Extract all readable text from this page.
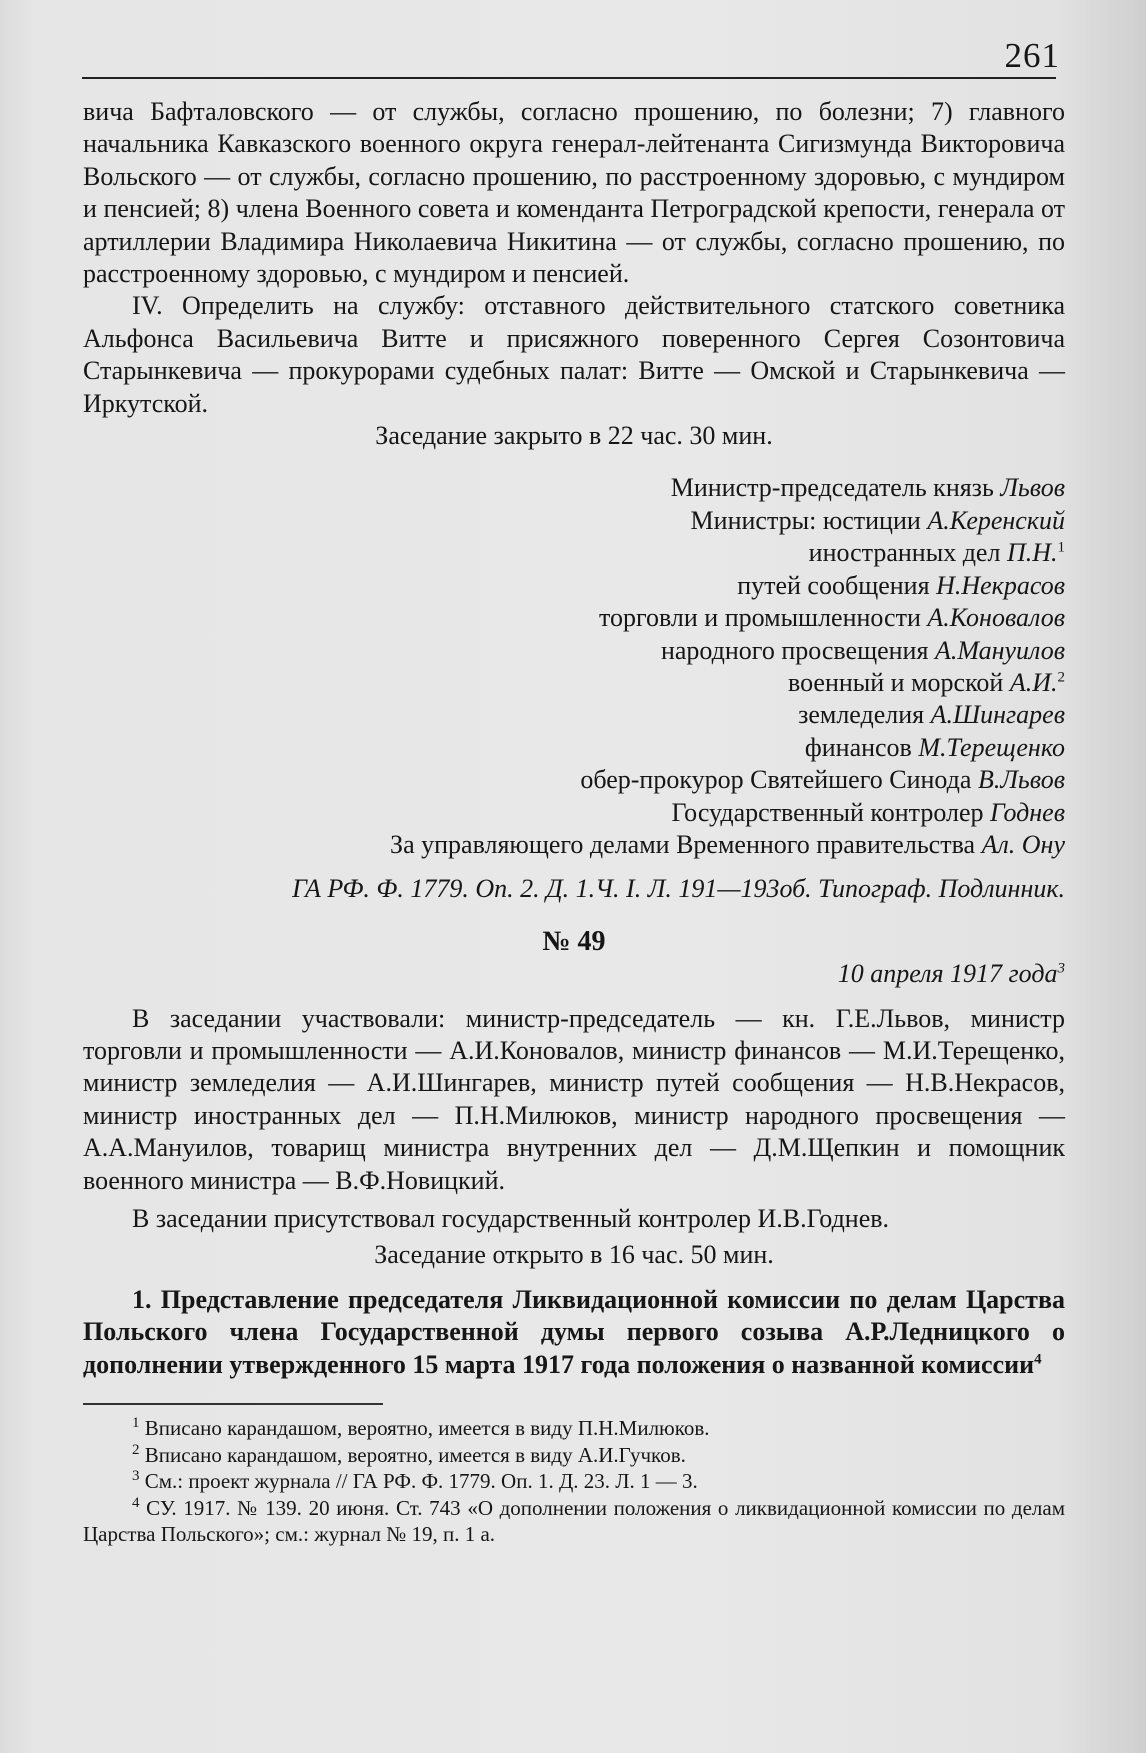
261

вича Бафталовского — от службы, согласно прошению, по болезни; 7) главного начальника Кавказского военного округа генерал-лейтенанта Сигизмунда Викторовича Вольского — от службы, согласно прошению, по расстроенному здоровью, с мундиром и пенсией; 8) члена Военного совета и коменданта Петроградской крепости, генерала от артиллерии Владимира Николаевича Никитина — от службы, согласно прошению, по расстроенному здоровью, с мундиром и пенсией.

IV. Определить на службу: отставного действительного статского советника Альфонса Васильевича Витте и присяжного поверенного Сергея Созонтовича Старынкевича — прокурорами судебных палат: Витте — Омской и Старынкевича — Иркутской.

Заседание закрыто в 22 час. 30 мин.

Министр-председатель князь Львов

Министры: юстиции А.Керенский

иностранных дел П.Н.$^1$

путей сообщения Н.Некрасов

торговли и промышленности А.Коновалов

народного просвещения А.Мануилов

военный и морской А.И.$^2$

земледелия А.Шингарев

финансов М.Терещенко

обер-прокурор Святейшего Синода В.Львов

Государственный контролер Годнев

За управляющего делами Временного правительства Ал. Ону

ГА РФ. Ф. 1779. Оп. 2. Д. 1.Ч. I. Л. 191—193об. Типограф. Подлинник.

№ 49

10 апреля 1917 года$^3$

В заседании участвовали: министр-председатель — кн. Г.Е.Львов, министр торговли и промышленности — А.И.Коновалов, министр финансов — М.И.Терещенко, министр земледелия — А.И.Шингарев, министр путей сообщения — Н.В.Некрасов, министр иностранных дел — П.Н.Милюков, министр народного просвещения — А.А.Мануилов, товарищ министра внутренних дел — Д.М.Щепкин и помощник военного министра — В.Ф.Новицкий.

В заседании присутствовал государственный контролер И.В.Годнев.

Заседание открыто в 16 час. 50 мин.

1. Представление председателя Ликвидационной комиссии по делам Царства Польского члена Государственной думы первого созыва А.Р.Ледницкого о дополнении утвержденного 15 марта 1917 года положения о названной комиссии$^4$

$^1$ Вписано карандашом, вероятно, имеется в виду П.Н.Милюков.

$^2$ Вписано карандашом, вероятно, имеется в виду А.И.Гучков.

$^3$ См.: проект журнала // ГА РФ. Ф. 1779. Оп. 1. Д. 23. Л. 1 — 3.

$^4$ СУ. 1917. № 139. 20 июня. Ст. 743 «О дополнении положения о ликвидационной комиссии по делам Царства Польского»; см.: журнал № 19, п. 1 а.
